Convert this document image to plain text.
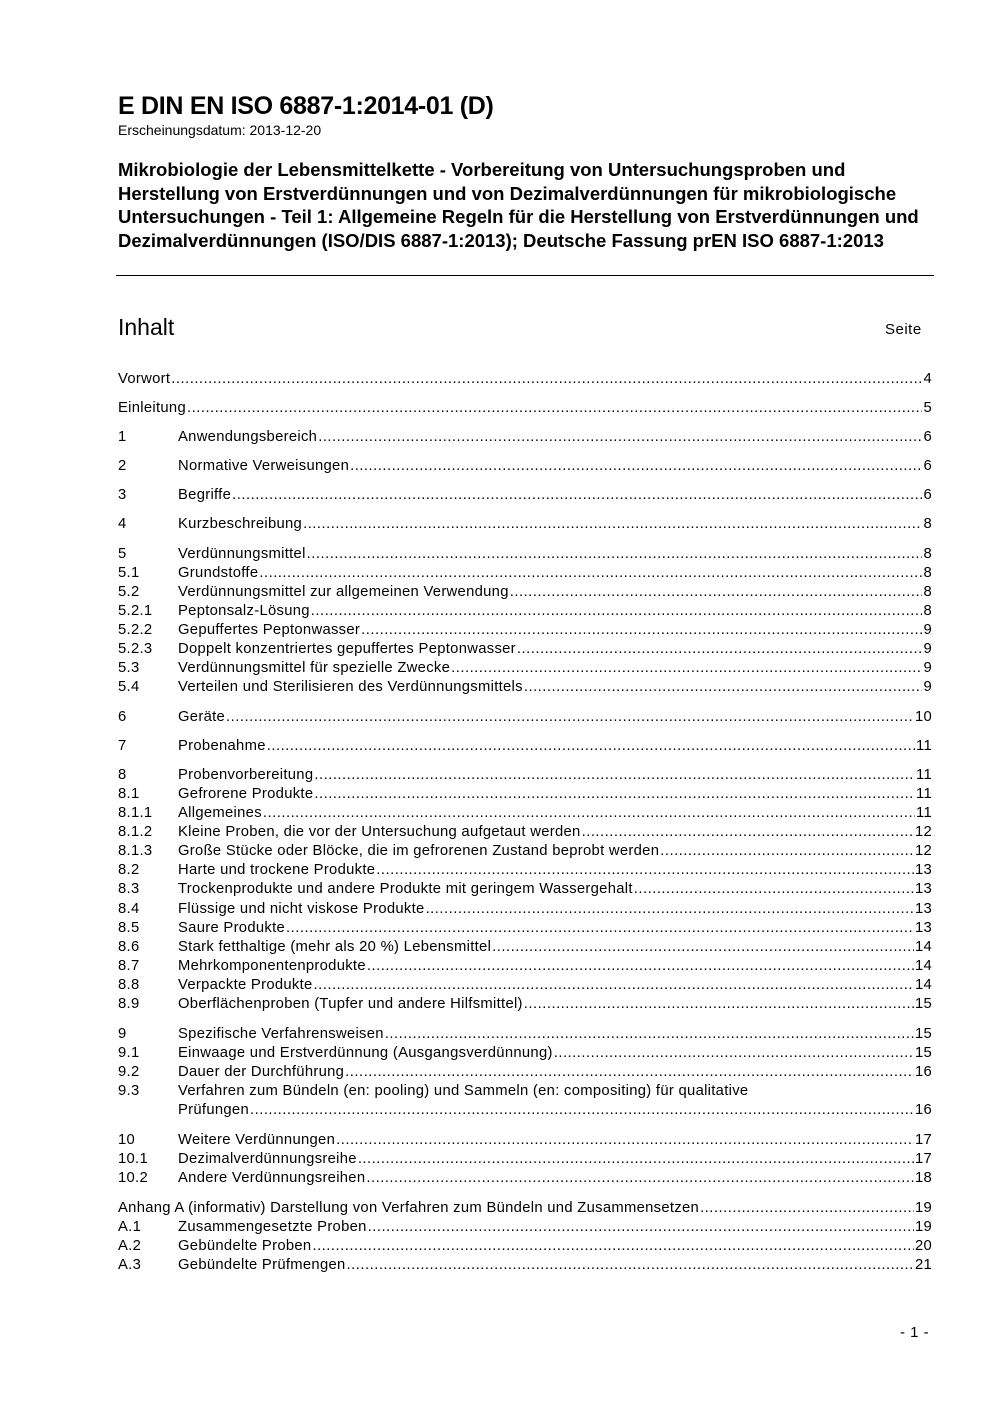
E DIN EN ISO 6887-1:2014-01 (D)
Erscheinungsdatum: 2013-12-20
Mikrobiologie der Lebensmittelkette - Vorbereitung von Untersuchungsproben und Herstellung von Erstverdünnungen und von Dezimalverdünnungen für mikrobiologische Untersuchungen - Teil 1: Allgemeine Regeln für die Herstellung von Erstverdünnungen und Dezimalverdünnungen (ISO/DIS 6887-1:2013); Deutsche Fassung prEN ISO 6887-1:2013
Inhalt	Seite
Vorwort .....	4
Einleitung .....	5
1	Anwendungsbereich .....	6
2	Normative Verweisungen .....	6
3	Begriffe .....	6
4	Kurzbeschreibung .....	8
5	Verdünnungsmittel .....	8
5.1	Grundstoffe .....	8
5.2	Verdünnungsmittel zur allgemeinen Verwendung .....	8
5.2.1	Peptonsalz-Lösung .....	8
5.2.2	Gepuffertes Peptonwasser .....	9
5.2.3	Doppelt konzentriertes gepuffertes Peptonwasser .....	9
5.3	Verdünnungsmittel für spezielle Zwecke .....	9
5.4	Verteilen und Sterilisieren des Verdünnungsmittels .....	9
6	Geräte .....	10
7	Probenahme .....	11
8	Probenvorbereitung .....	11
8.1	Gefrorene Produkte .....	11
8.1.1	Allgemeines .....	11
8.1.2	Kleine Proben, die vor der Untersuchung aufgetaut werden .....	12
8.1.3	Große Stücke oder Blöcke, die im gefrorenen Zustand beprobt werden .....	12
8.2	Harte und trockene Produkte .....	13
8.3	Trockenprodukte und andere Produkte mit geringem Wassergehalt .....	13
8.4	Flüssige und nicht viskose Produkte .....	13
8.5	Saure Produkte .....	13
8.6	Stark fetthaltige (mehr als 20 %) Lebensmittel .....	14
8.7	Mehrkomponentenprodukte .....	14
8.8	Verpackte Produkte .....	14
8.9	Oberflächenproben (Tupfer und andere Hilfsmittel) .....	15
9	Spezifische Verfahrensweisen .....	15
9.1	Einwaage und Erstverdünnung (Ausgangsverdünnung) .....	15
9.2	Dauer der Durchführung .....	16
9.3	Verfahren zum Bündeln (en: pooling) und Sammeln (en: compositing) für qualitative
Prüfungen .....	16
10	Weitere Verdünnungen .....	17
10.1	Dezimalverdünnungsreihe .....	17
10.2	Andere Verdünnungsreihen .....	18
Anhang A (informativ) Darstellung von Verfahren zum Bündeln und Zusammensetzen .....	19
A.1	Zusammengesetzte Proben .....	19
A.2	Gebündelte Proben .....	20
A.3	Gebündelte Prüfmengen .....	21
- 1 -
